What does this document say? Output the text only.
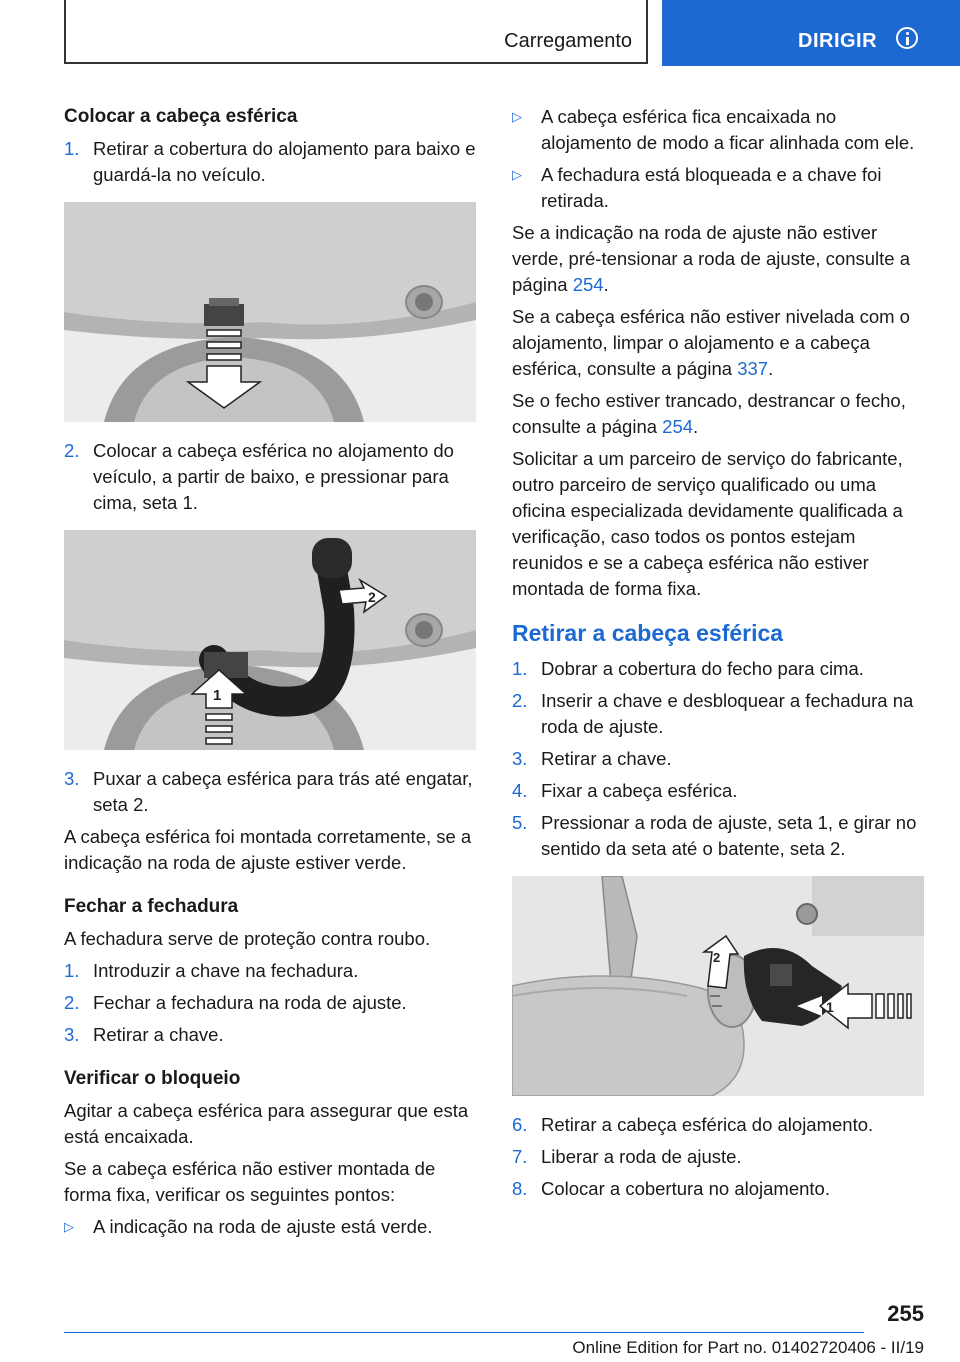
Carregamento	DIRIGIR
Colocar a cabeça esférica
1. Retirar a cobertura do alojamento para baixo e guardá-la no veículo.
2. Colocar a cabeça esférica no alojamento do veículo, a partir de baixo, e pressionar para cima, seta 1.
2
1
3. Puxar a cabeça esférica para trás até engatar, seta 2.

A cabeça esférica foi montada corretamente, se a indicação na roda de ajuste estiver verde.

Fechar a fechadura

A fechadura serve de proteção contra roubo.

1. Introduzir a chave na fechadura.
2. Fechar a fechadura na roda de ajuste.
3. Retirar a chave.
Verificar o bloqueio

Agitar a cabeça esférica para assegurar que esta está encaixada.

Se a cabeça esférica não estiver montada de forma fixa, verificar os seguintes pontos:

▷	A indicação na roda de ajuste está verde.
▷	A cabeça esférica fica encaixada no alojamento de modo a ficar alinhada com ele.
▷	A fechadura está bloqueada e a chave foi retirada.

Se a indicação na roda de ajuste não estiver verde, pré-tensionar a roda de ajuste, consulte a página 254.

Se a cabeça esférica não estiver nivelada com o alojamento, limpar o alojamento e a cabeça esférica, consulte a página 337.

Se o fecho estiver trancado, destrancar o fecho, consulte a página 254.

Solicitar a um parceiro de serviço do fabricante, outro parceiro de serviço qualificado ou uma oficina especializada devidamente qualificada a verificação, caso todos os pontos estejam reunidos e se a cabeça esférica não estiver montada de forma fixa.

Retirar a cabeça esférica
1. Dobrar a cobertura do fecho para cima.
2. Inserir a chave e desbloquear a fechadura na roda de ajuste.
3. Retirar a chave.
4. Fixar a cabeça esférica.
5. Pressionar a roda de ajuste, seta 1, e girar no sentido da seta até o batente, seta 2.
2
1
6. Retirar a cabeça esférica do alojamento.
7. Liberar a roda de ajuste.
8. Colocar a cobertura no alojamento.
255
Online Edition for Part no. 01402720406 - II/19
